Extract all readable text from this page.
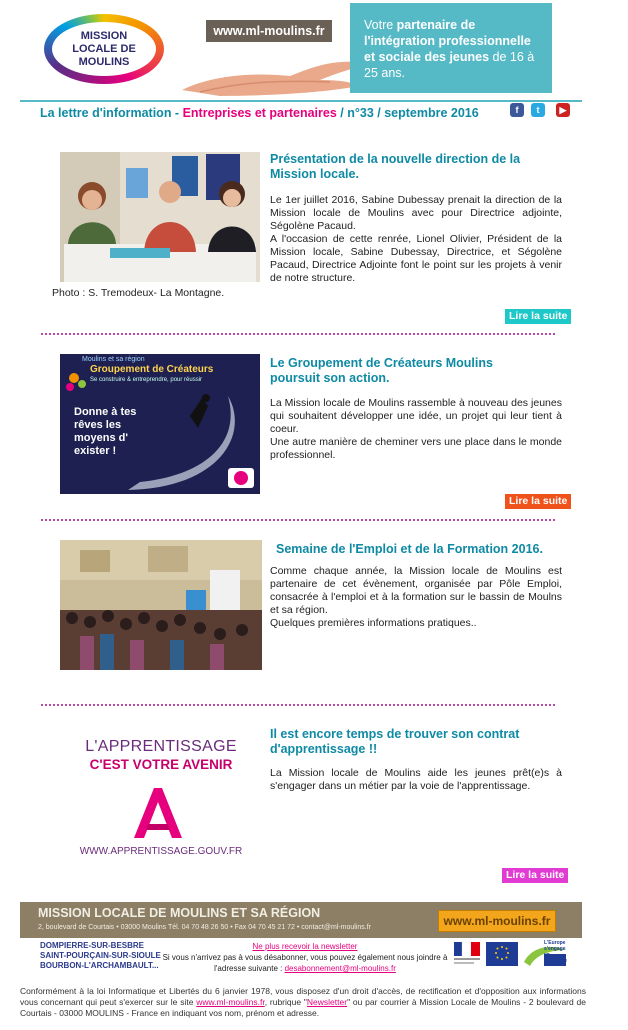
MISSION
LOCALE DE
MOULINS
www.ml-moulins.fr	Votre partenaire de l'intégration professionnelle et sociale des jeunes de 16 à 25 ans.
La lettre d'information - Entreprises et partenaires / n°33 / septembre 2016	f	t	▶
Photo : S. Tremodeux- La Montagne.
Présentation de la nouvelle direction de la Mission locale.
Le 1er juillet 2016, Sabine Dubessay prenait la direction de la Mission locale de Moulins avec pour Directrice adjointe, Ségolène Pacaud.
A l'occasion de cette renrée, Lionel Olivier, Président de la Mission locale, Sabine Dubessay, Directrice, et Ségolène Pacaud, Directrice Adjointe font le point sur les projets à venir de notre structure.
Lire la suite
Moulins et sa région
Groupement de Créateurs
Se construire & entreprendre, pour réussir
Donne à tes rêves les moyens d' exister !
Le Groupement de Créateurs Moulins poursuit son action.
La Mission locale de Moulins rassemble à nouveau des jeunes qui souhaitent développer une idée, un projet qui leur tient à coeur.
Une autre manière de cheminer vers une place dans le monde professionnel.
Lire la suite
Semaine de l'Emploi et de la Formation 2016.
Comme chaque année, la Mission locale de Moulins est partenaire de cet évènement, organisée par Pôle Emploi, consacrée à l'emploi et à la formation sur le bassin de Moulns et sa région.
Quelques premières informations pratiques..
L'APPRENTISSAGE
C'EST VOTRE AVENIR
WWW.APPRENTISSAGE.GOUV.FR
Il est encore temps de trouver son contrat d'apprentissage !!
La Mission locale de Moulins aide les jeunes prêt(e)s à s'engager dans un métier par la voie de l'apprentissage.
Lire la suite
MISSION LOCALE DE MOULINS ET SA RÉGION
2, boulevard de Courtais • 03000 Moulins Tél. 04 70 48 26 50 • Fax 04 70 45 21 72 • contact@ml-moulins.fr	www.ml-moulins.fr
DOMPIERRE-SUR-BESBRE
SAINT-POURÇAIN-SUR-SIOULE
BOURBON-L'ARCHAMBAULT...
Ne plus recevoir la newsletter
Si vous n'arrivez pas à vous désabonner, vous pouvez également nous joindre à l'adresse suivante : desabonnement@ml-moulins.fr
L'Europe s'engage en Auvergne
Conformément à la loi Informatique et Libertés du 6 janvier 1978, vous disposez d'un droit d'accès, de rectification et d'opposition aux informations vous concernant qui peut s'exercer sur le site www.ml-moulins.fr, rubrique "Newsletter" ou par courrier à Mission Locale de Moulins - 2 boulevard de Courtais - 03000 MOULINS - France en indiquant vos nom, prénom et adresse.
